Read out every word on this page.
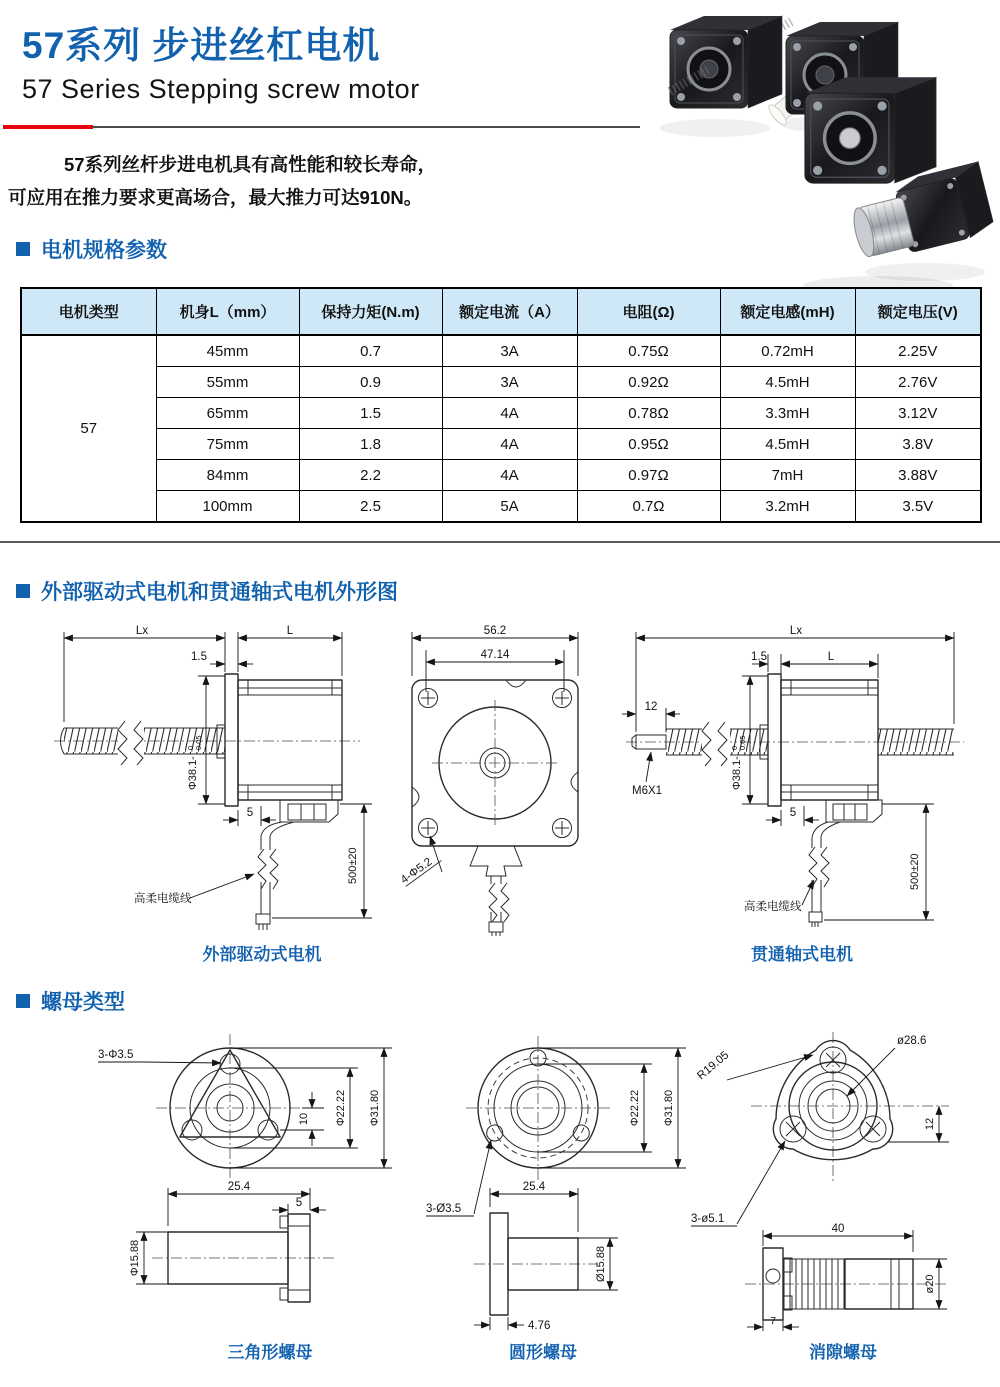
57系列 步进丝杠电机
57 Series Stepping screw motor
57系列丝杆步进电机具有高性能和较长寿命，
可应用在推力要求更高场合，最大推力可达910N。
电机规格参数
电机类型	机身L（mm）	保持力矩(N.m)	额定电流（A）	电阻(Ω)	额定电感(mH)	额定电压(V)
57	45mm	0.7	3A	0.75Ω	0.72mH	2.25V
	55mm	0.9	3A	0.92Ω	4.5mH	2.76V
	65mm	1.5	4A	0.78Ω	3.3mH	3.12V
	75mm	1.8	4A	0.95Ω	4.5mH	3.8V
	84mm	2.2	4A	0.97Ω	7mH	3.88V
	100mm	2.5	5A	0.7Ω	3.2mH	3.5V
外部驱动式电机和贯通轴式电机外形图
Lx	L
1.5
Φ38.1-
0 0.05
5
500±20
高柔电缆线
56.2
47.14
4-Φ5.2
Lx
1.5	L
12
M6X1
Φ38.1-
0 0.05
5
500±20
高柔电缆线
外部驱动式电机	贯通轴式电机
螺母类型
3-Φ3.5
10 Φ22.22 Φ31.80
25.4
5
Φ15.88
Φ22.22 Φ31.80
3-Ø3.5
25.4
Ø15.88
4.76
R19.05
ø28.6
12
3-ø5.1
40
ø20
7
三角形螺母	圆形螺母	消隙螺母
